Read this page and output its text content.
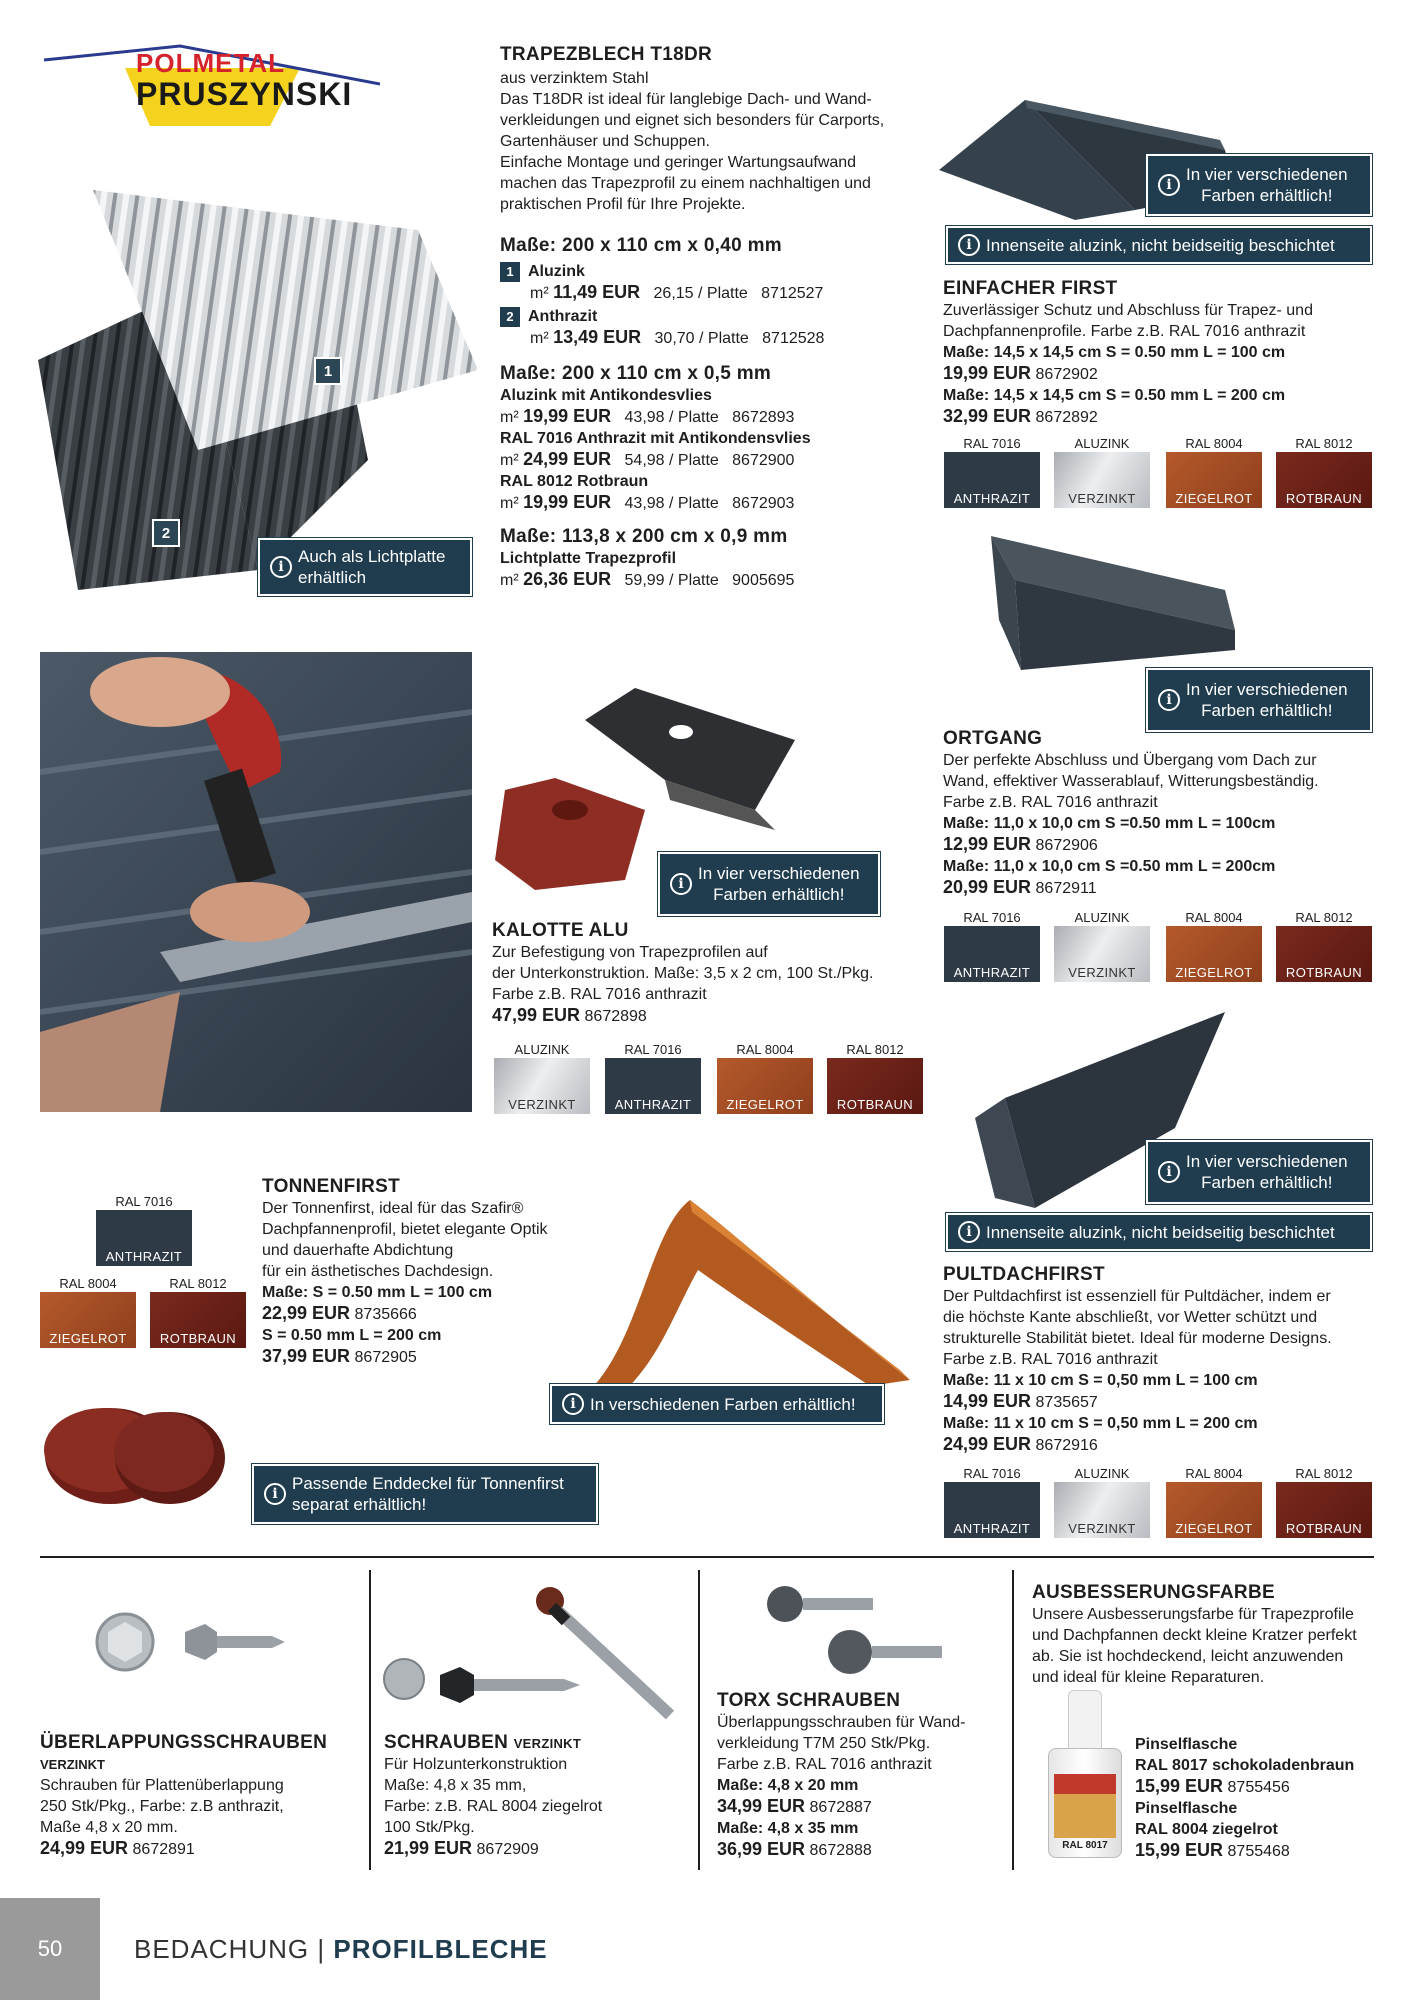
POLMETAL
PRUSZYNSKI
1
2
i
Auch als Lichtplatte
erhältlich
TRAPEZBLECH T18DR
aus verzinktem Stahl
Das T18DR ist ideal für langlebige Dach- und Wand-
verkleidungen und eignet sich besonders für Carports,
Gartenhäuser und Schuppen.
Einfache Montage und geringer Wartungsaufwand
machen das Trapezprofil zu einem nachhaltigen und
praktischen Profil für Ihre Projekte.
Maße: 200 x 110 cm x 0,40 mm
1 Aluzink
m² 11,49 EUR 26,15 / Platte 8712527
2 Anthrazit
m² 13,49 EUR 30,70 / Platte 8712528
Maße: 200 x 110 cm x 0,5 mm
Aluzink mit Antikondesvlies
m² 19,99 EUR 43,98 / Platte 8672893
RAL 7016 Anthrazit mit Antikondensvlies
m² 24,99 EUR 54,98 / Platte 8672900
RAL 8012 Rotbraun
m² 19,99 EUR 43,98 / Platte 8672903
Maße: 113,8 x 200 cm x 0,9 mm
Lichtplatte Trapezprofil
m² 26,36 EUR 59,99 / Platte 9005695
i
In vier verschiedenen
Farben erhältlich!
i Innenseite aluzink, nicht beidseitig beschichtet
EINFACHER FIRST
Zuverlässiger Schutz und Abschluss für Trapez- und
Dachpfannenprofile. Farbe z.B. RAL 7016 anthrazit
Maße: 14,5 x 14,5 cm S = 0.50 mm L = 100 cm
19,99 EUR 8672902
Maße: 14,5 x 14,5 cm S = 0.50 mm L = 200 cm
32,99 EUR 8672892
RAL 7016	ALUZINK	RAL 8004	RAL 8012
ANTHRAZIT	VERZINKT	ZIEGELROT	ROTBRAUN
i
In vier verschiedenen
Farben erhältlich!
KALOTTE ALU
Zur Befestigung von Trapezprofilen auf
der Unterkonstruktion. Maße: 3,5 x 2 cm, 100 St./Pkg.
Farbe z.B. RAL 7016 anthrazit
47,99 EUR 8672898
ALUZINK	RAL 7016	RAL 8004	RAL 8012
VERZINKT	ANTHRAZIT	ZIEGELROT	ROTBRAUN
i
In vier verschiedenen
Farben erhältlich!
ORTGANG
Der perfekte Abschluss und Übergang vom Dach zur
Wand, effektiver Wasserablauf, Witterungsbeständig.
Farbe z.B. RAL 7016 anthrazit
Maße: 11,0 x 10,0 cm S =0.50 mm L = 100cm
12,99 EUR 8672906
Maße: 11,0 x 10,0 cm S =0.50 mm L = 200cm
20,99 EUR 8672911
RAL 7016	ALUZINK	RAL 8004	RAL 8012
ANTHRAZIT	VERZINKT	ZIEGELROT	ROTBRAUN
i
In vier verschiedenen
Farben erhältlich!
i Innenseite aluzink, nicht beidseitig beschichtet
PULTDACHFIRST
Der Pultdachfirst ist essenziell für Pultdächer, indem er
die höchste Kante abschließt, vor Wetter schützt und
strukturelle Stabilität bietet. Ideal für moderne Designs.
Farbe z.B. RAL 7016 anthrazit
Maße: 11 x 10 cm S = 0,50 mm L = 100 cm
14,99 EUR 8735657
Maße: 11 x 10 cm S = 0,50 mm L = 200 cm
24,99 EUR 8672916
RAL 7016	ALUZINK	RAL 8004	RAL 8012
ANTHRAZIT	VERZINKT	ZIEGELROT	ROTBRAUN
RAL 7016
ANTHRAZIT
RAL 8004	RAL 8012
ZIEGELROT	ROTBRAUN
TONNENFIRST
Der Tonnenfirst, ideal für das Szafir®
Dachpfannenprofil, bietet elegante Optik
und dauerhafte Abdichtung
für ein ästhetisches Dachdesign.
Maße: S = 0.50 mm L = 100 cm
22,99 EUR 8735666
S = 0.50 mm L = 200 cm
37,99 EUR 8672905
i In verschiedenen Farben erhältlich!
i
Passende Enddeckel für Tonnenfirst
separat erhältlich!
ÜBERLAPPUNGSSCHRAUBEN
VERZINKT
Schrauben für Plattenüberlappung
250 Stk/Pkg., Farbe: z.B anthrazit,
Maße 4,8 x 20 mm.
24,99 EUR 8672891
SCHRAUBEN VERZINKT
Für Holzunterkonstruktion
Maße: 4,8 x 35 mm,
Farbe: z.B. RAL 8004 ziegelrot
100 Stk/Pkg.
21,99 EUR 8672909
TORX SCHRAUBEN
Überlappungsschrauben für Wand-
verkleidung T7M 250 Stk/Pkg.
Farbe z.B. RAL 7016 anthrazit
Maße: 4,8 x 20 mm
34,99 EUR 8672887
Maße: 4,8 x 35 mm
36,99 EUR 8672888
AUSBESSERUNGSFARBE
Unsere Ausbesserungsfarbe für Trapezprofile
und Dachpfannen deckt kleine Kratzer perfekt
ab. Sie ist hochdeckend, leicht anzuwenden
und ideal für kleine Reparaturen.
RAL 8017
Pinselflasche
RAL 8017 schokoladenbraun
15,99 EUR 8755456
Pinselflasche
RAL 8004 ziegelrot
15,99 EUR 8755468
50	BEDACHUNG | PROFILBLECHE
